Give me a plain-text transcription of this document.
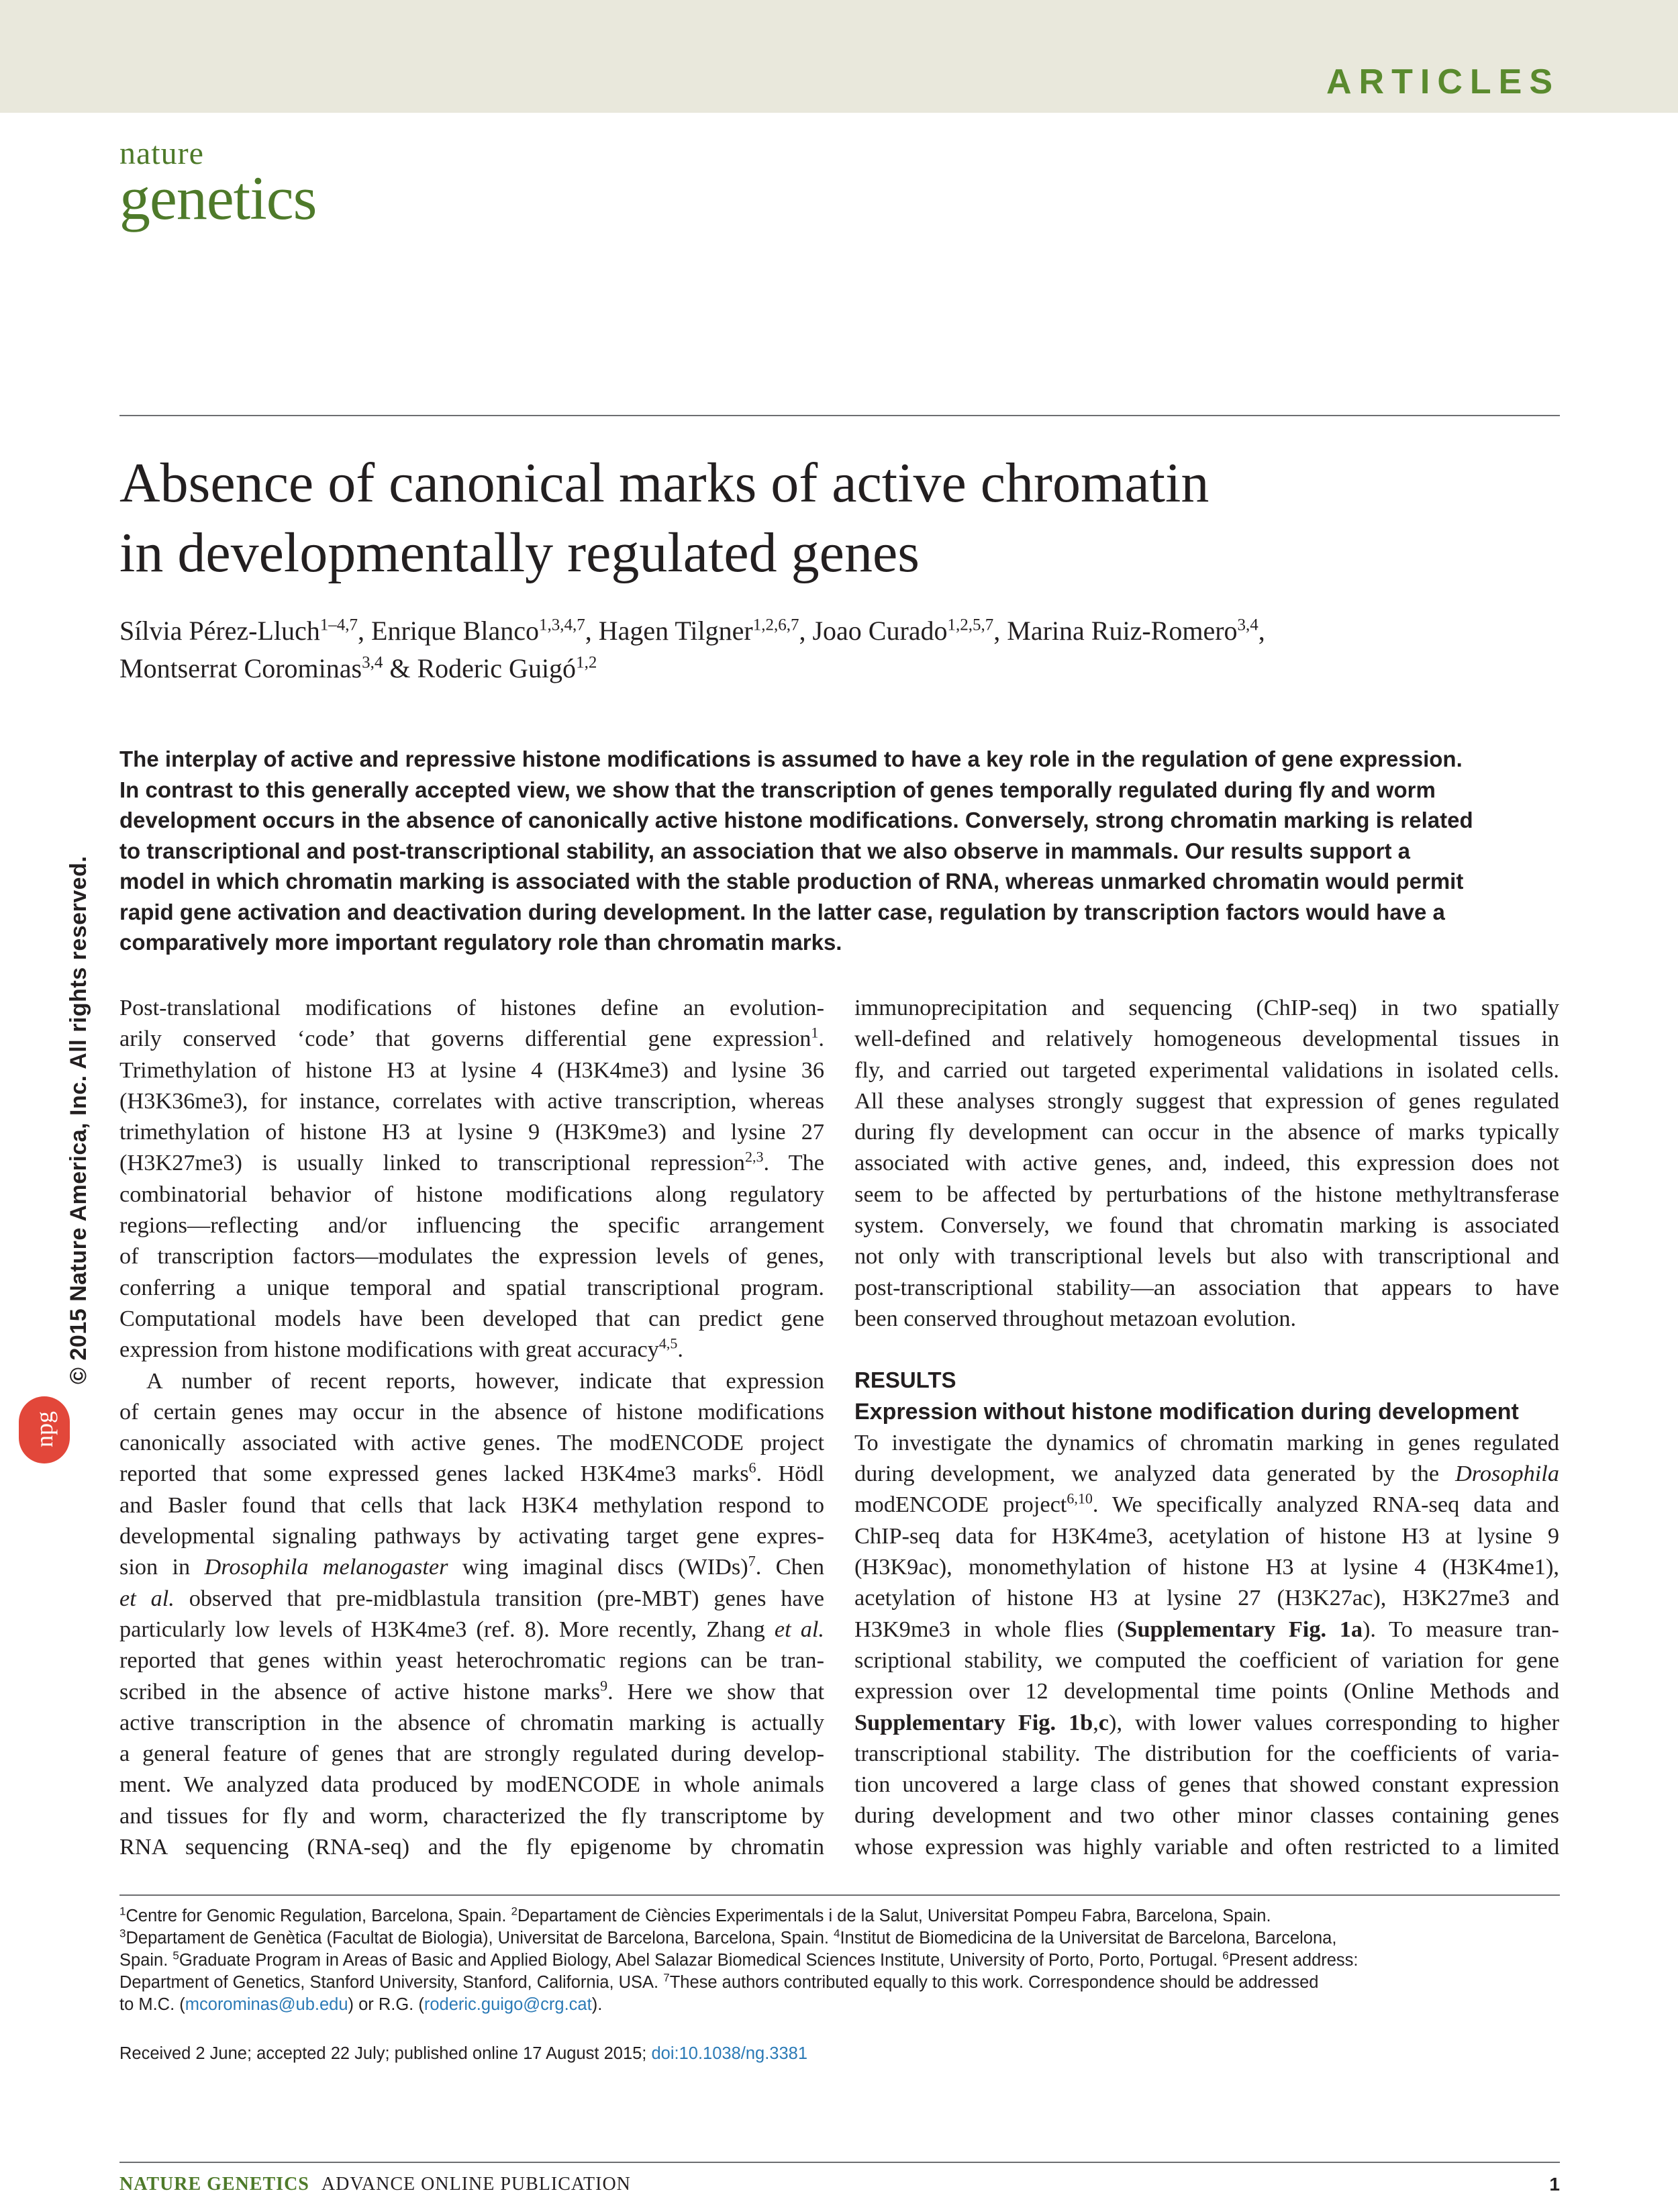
ARTICLES
nature
genetics
Absence of canonical marks of active chromatin
in developmentally regulated genes
Sílvia Pérez-Lluch$^{1-4,7}$, Enrique Blanco$^{1,3,4,7}$, Hagen Tilgner$^{1,2,6,7}$, Joao Curado$^{1,2,5,7}$, Marina Ruiz-Romero$^{3,4}$,
Montserrat Corominas$^{3,4}$ & Roderic Guigó$^{1,2}$
The interplay of active and repressive histone modifications is assumed to have a key role in the regulation of gene expression.
In contrast to this generally accepted view, we show that the transcription of genes temporally regulated during fly and worm
development occurs in the absence of canonically active histone modifications. Conversely, strong chromatin marking is related
to transcriptional and post-transcriptional stability, an association that we also observe in mammals. Our results support a
model in which chromatin marking is associated with the stable production of RNA, whereas unmarked chromatin would permit
rapid gene activation and deactivation during development. In the latter case, regulation by transcription factors would have a
comparatively more important regulatory role than chromatin marks.
© 2015 Nature America, Inc. All rights reserved.
npg
Post-translational modifications of histones define an evolution-
arily conserved ‘code’ that governs differential gene expression$^1$.
Trimethylation of histone H3 at lysine 4 (H3K4me3) and lysine 36
(H3K36me3), for instance, correlates with active transcription, whereas
trimethylation of histone H3 at lysine 9 (H3K9me3) and lysine 27
(H3K27me3) is usually linked to transcriptional repression$^{2,3}$. The
combinatorial behavior of histone modifications along regulatory
regions—reflecting and/or influencing the specific arrangement
of transcription factors—modulates the expression levels of genes,
conferring a unique temporal and spatial transcriptional program.
Computational models have been developed that can predict gene
expression from histone modifications with great accuracy$^{4,5}$.
A number of recent reports, however, indicate that expression
of certain genes may occur in the absence of histone modifications
canonically associated with active genes. The modENCODE project
reported that some expressed genes lacked H3K4me3 marks$^6$. Hödl
and Basler found that cells that lack H3K4 methylation respond to
developmental signaling pathways by activating target gene expres-
sion in Drosophila melanogaster wing imaginal discs (WIDs)$^7$. Chen
et al. observed that pre-midblastula transition (pre-MBT) genes have
particularly low levels of H3K4me3 (ref. 8). More recently, Zhang et al.
reported that genes within yeast heterochromatic regions can be tran-
scribed in the absence of active histone marks$^9$. Here we show that
active transcription in the absence of chromatin marking is actually
a general feature of genes that are strongly regulated during develop-
ment. We analyzed data produced by modENCODE in whole animals
and tissues for fly and worm, characterized the fly transcriptome by
RNA sequencing (RNA-seq) and the fly epigenome by chromatin
immunoprecipitation and sequencing (ChIP-seq) in two spatially
well-defined and relatively homogeneous developmental tissues in
fly, and carried out targeted experimental validations in isolated cells.
All these analyses strongly suggest that expression of genes regulated
during fly development can occur in the absence of marks typically
associated with active genes, and, indeed, this expression does not
seem to be affected by perturbations of the histone methyltransferase
system. Conversely, we found that chromatin marking is associated
not only with transcriptional levels but also with transcriptional and
post-transcriptional stability—an association that appears to have
been conserved throughout metazoan evolution.
RESULTS
Expression without histone modification during development
To investigate the dynamics of chromatin marking in genes regulated
during development, we analyzed data generated by the Drosophila
modENCODE project$^{6,10}$. We specifically analyzed RNA-seq data and
ChIP-seq data for H3K4me3, acetylation of histone H3 at lysine 9
(H3K9ac), monomethylation of histone H3 at lysine 4 (H3K4me1),
acetylation of histone H3 at lysine 27 (H3K27ac), H3K27me3 and
H3K9me3 in whole flies (Supplementary Fig. 1a). To measure tran-
scriptional stability, we computed the coefficient of variation for gene
expression over 12 developmental time points (Online Methods and
Supplementary Fig. 1b,c), with lower values corresponding to higher
transcriptional stability. The distribution for the coefficients of varia-
tion uncovered a large class of genes that showed constant expression
during development and two other minor classes containing genes
whose expression was highly variable and often restricted to a limited
$^1$Centre for Genomic Regulation, Barcelona, Spain. $^2$Departament de Ciències Experimentals i de la Salut, Universitat Pompeu Fabra, Barcelona, Spain.
$^3$Departament de Genètica (Facultat de Biologia), Universitat de Barcelona, Barcelona, Spain. $^4$Institut de Biomedicina de la Universitat de Barcelona, Barcelona,
Spain. $^5$Graduate Program in Areas of Basic and Applied Biology, Abel Salazar Biomedical Sciences Institute, University of Porto, Porto, Portugal. $^6$Present address:
Department of Genetics, Stanford University, Stanford, California, USA. $^7$These authors contributed equally to this work. Correspondence should be addressed
to M.C. (mcorominas@ub.edu) or R.G. (roderic.guigo@crg.cat).
Received 2 June; accepted 22 July; published online 17 August 2015; doi:10.1038/ng.3381
NATURE GENETICS ADVANCE ONLINE PUBLICATION	1
